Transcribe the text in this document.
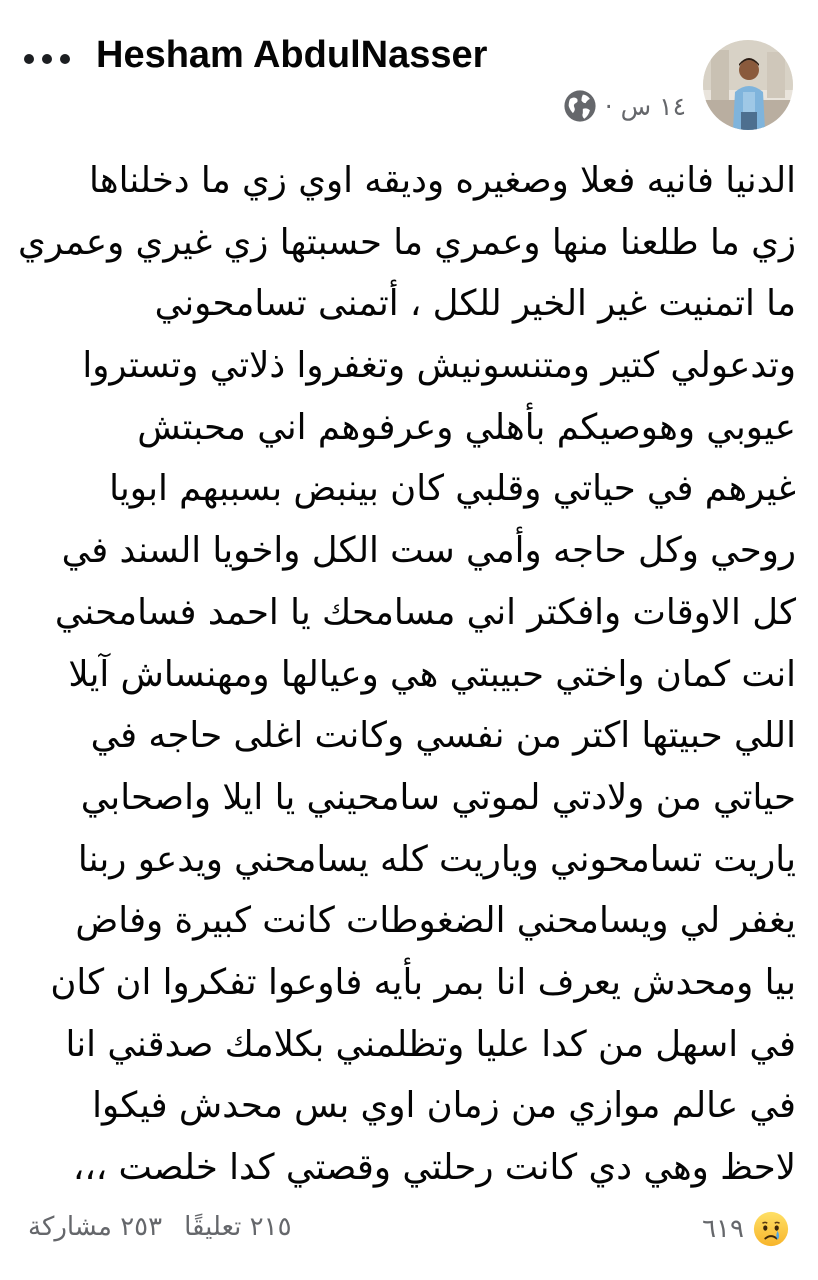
Hesham AbdulNasser
١٤ س
·
الدنيا فانيه فعلا وصغيره وديقه اوي زي ما دخلناها
زي ما طلعنا منها وعمري ما حسبتها زي غيري وعمري
ما اتمنيت غير الخير للكل ، أتمنى تسامحوني
وتدعولي كتير ومتنسونيش وتغفروا ذلاتي وتستروا
عيوبي وهوصيكم بأهلي وعرفوهم اني محبتش
غيرهم في حياتي وقلبي كان بينبض بسببهم ابويا
روحي وكل حاجه وأمي ست الكل واخويا السند في
كل الاوقات وافكتر اني مسامحك يا احمد فسامحني
انت كمان واختي حبيبتي هي وعيالها ومهنساش آيلا
اللي حبيتها اكتر من نفسي وكانت اغلى حاجه في
حياتي من ولادتي لموتي سامحيني يا ايلا واصحابي
ياريت تسامحوني وياريت كله يسامحني ويدعو ربنا
يغفر لي ويسامحني الضغوطات كانت كبيرة وفاض
بيا ومحدش يعرف انا بمر بأيه فاوعوا تفكروا ان كان
في اسهل من كدا عليا وتظلمني بكلامك صدقني انا
في عالم موازي من زمان اوي بس محدش فيكوا
لاحظ وهي دي كانت رحلتي وقصتي كدا خلصت ،،،
٦١٩
٢١٥ تعليقًا
٢٥٣ مشاركة
